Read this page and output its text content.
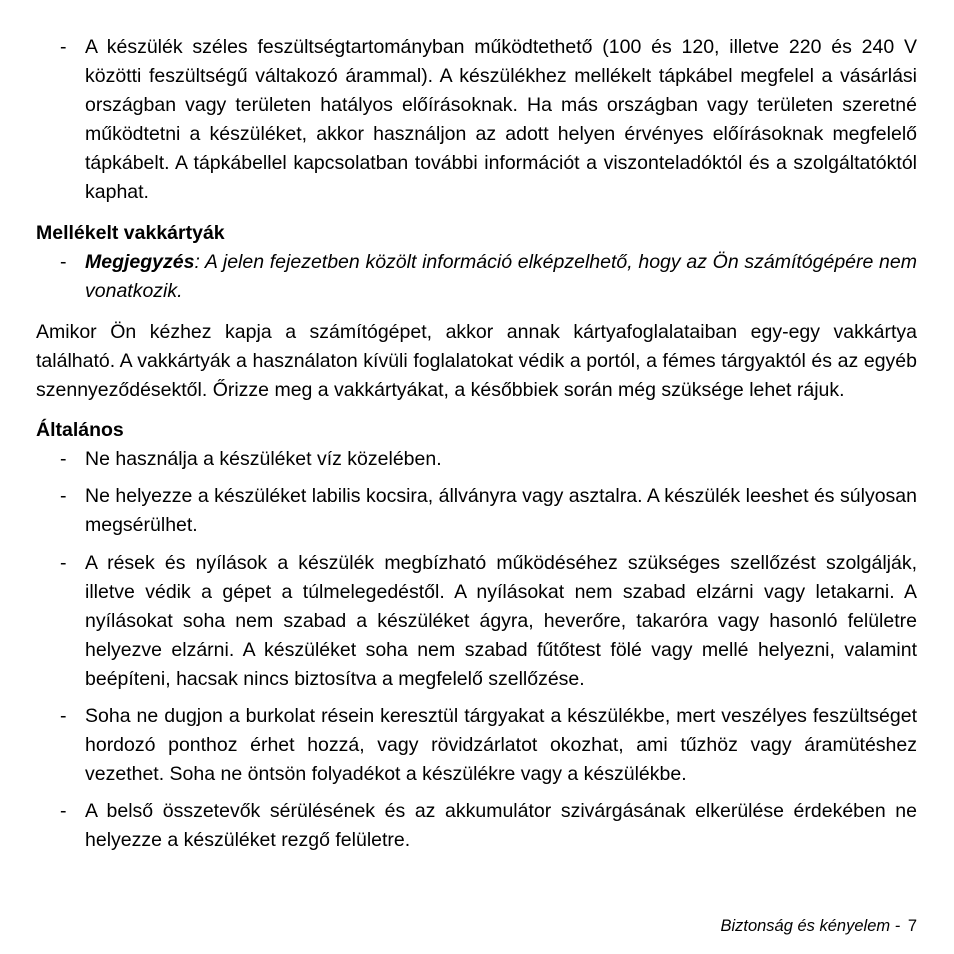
- A készülék széles feszültségtartományban működtethető (100 és 120, illetve 220 és 240 V közötti feszültségű váltakozó árammal). A készülékhez mellékelt tápkábel megfelel a vásárlási országban vagy területen hatályos előírásoknak. Ha más országban vagy területen szeretné működtetni a készüléket, akkor használjon az adott helyen érvényes előírásoknak megfelelő tápkábelt. A tápkábellel kapcsolatban további információt a viszonteladóktól és a szolgáltatóktól kaphat.

Mellékelt vakkártyák

- Megjegyzés: A jelen fejezetben közölt információ elképzelhető, hogy az Ön számítógépére nem vonatkozik.

Amikor Ön kézhez kapja a számítógépet, akkor annak kártyafoglalataiban egy-egy vakkártya található. A vakkártyák a használaton kívüli foglalatokat védik a portól, a fémes tárgyaktól és az egyéb szennyeződésektől. Őrizze meg a vakkártyákat, a későbbiek során még szüksége lehet rájuk.

Általános

- Ne használja a készüléket víz közelében.

- Ne helyezze a készüléket labilis kocsira, állványra vagy asztalra. A készülék leeshet és súlyosan megsérülhet.

- A rések és nyílások a készülék megbízható működéséhez szükséges szellőzést szolgálják, illetve védik a gépet a túlmelegedéstől. A nyílásokat nem szabad elzárni vagy letakarni. A nyílásokat soha nem szabad a készüléket ágyra, heverőre, takaróra vagy hasonló felületre helyezve elzárni. A készüléket soha nem szabad fűtőtest fölé vagy mellé helyezni, valamint beépíteni, hacsak nincs biztosítva a megfelelő szellőzése.

- Soha ne dugjon a burkolat résein keresztül tárgyakat a készülékbe, mert veszélyes feszültséget hordozó ponthoz érhet hozzá, vagy rövidzárlatot okozhat, ami tűzhöz vagy áramütéshez vezethet. Soha ne öntsön folyadékot a készülékre vagy a készülékbe.

- A belső összetevők sérülésének és az akkumulátor szivárgásának elkerülése érdekében ne helyezze a készüléket rezgő felületre.

Biztonság és kényelem - 7
